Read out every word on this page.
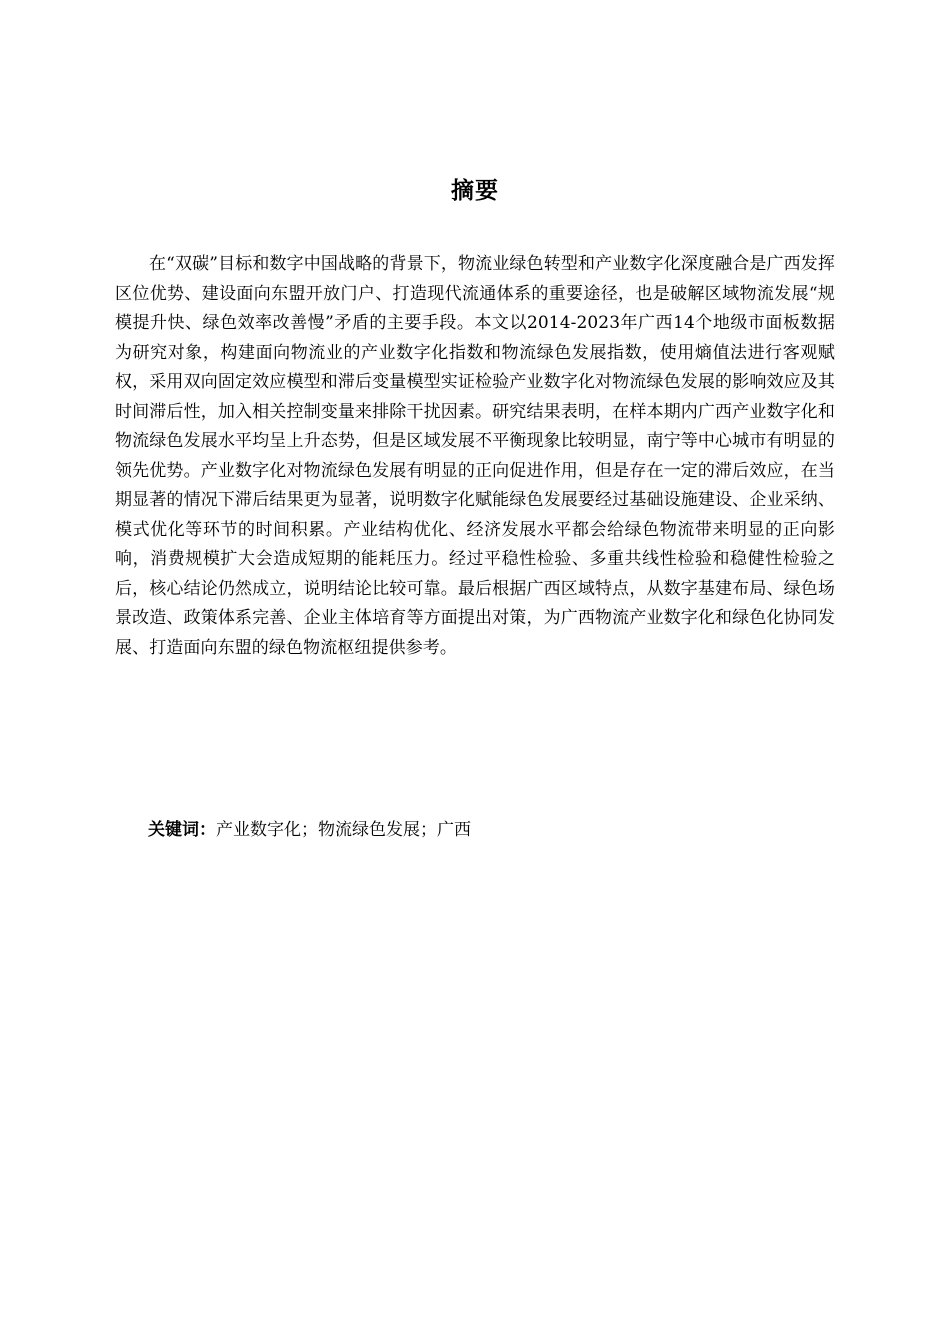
摘要

在“双碳”目标和数字中国战略的背景下，物流业绿色转型和产业数字化深度融合是广西发挥区位优势、建设面向东盟开放门户、打造现代流通体系的重要途径，也是破解区域物流发展“规模提升快、绿色效率改善慢”矛盾的主要手段。本文以2014-2023年广西14个地级市面板数据为研究对象，构建面向物流业的产业数字化指数和物流绿色发展指数，使用熵值法进行客观赋权，采用双向固定效应模型和滞后变量模型实证检验产业数字化对物流绿色发展的影响效应及其时间滞后性，加入相关控制变量来排除干扰因素。研究结果表明，在样本期内广西产业数字化和物流绿色发展水平均呈上升态势，但是区域发展不平衡现象比较明显，南宁等中心城市有明显的领先优势。产业数字化对物流绿色发展有明显的正向促进作用，但是存在一定的滞后效应，在当期显著的情况下滞后结果更为显著，说明数字化赋能绿色发展要经过基础设施建设、企业采纳、模式优化等环节的时间积累。产业结构优化、经济发展水平都会给绿色物流带来明显的正向影响，消费规模扩大会造成短期的能耗压力。经过平稳性检验、多重共线性检验和稳健性检验之后，核心结论仍然成立，说明结论比较可靠。最后根据广西区域特点，从数字基建布局、绿色场景改造、政策体系完善、企业主体培育等方面提出对策，为广西物流产业数字化和绿色化协同发展、打造面向东盟的绿色物流枢纽提供参考。

关键词：产业数字化；物流绿色发展；广西
